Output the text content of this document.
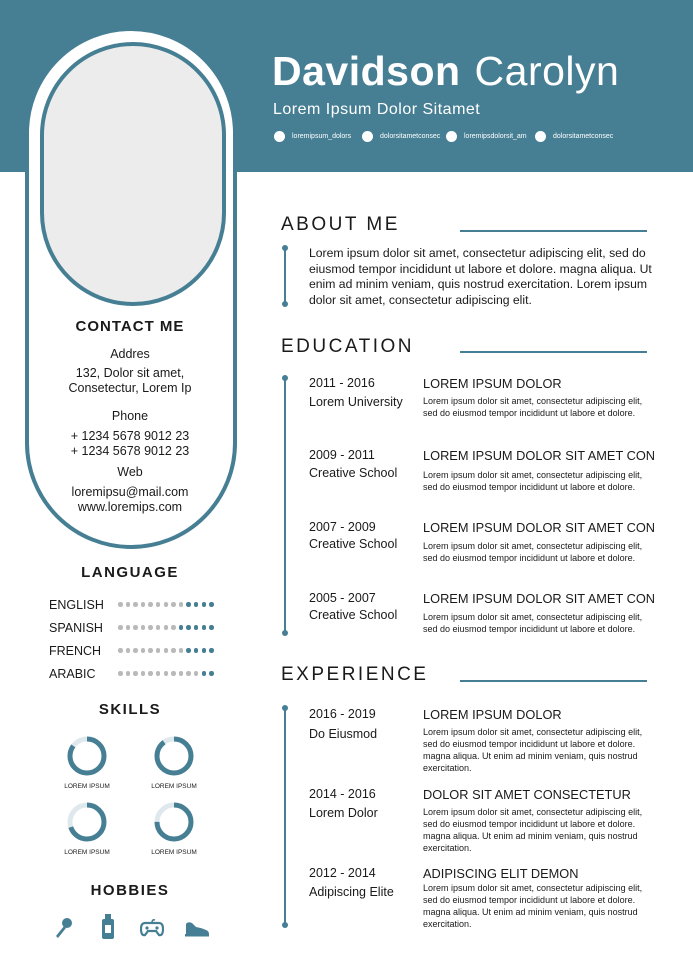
CONTACT ME
Addres
132, Dolor sit amet,
Consetectur, Lorem Ip
Phone
+ 1234 5678 9012 23
+ 1234 5678 9012 23
Web
loremipsu@mail.com
www.loremips.com
Davidson Carolyn
Lorem Ipsum Dolor Sitamet
loremipsum_dolors	dolorsitametconsec	loremipsdolorsit_am	dolorsitametconsec
ABOUT ME
Lorem ipsum dolor sit amet, consectetur adipiscing elit, sed do eiusmod tempor incididunt ut labore et dolore. magna aliqua. Ut enim ad minim veniam, quis nostrud exercitation. Lorem ipsum dolor sit amet, consectetur adipiscing elit.
EDUCATION
2011 - 2016
Lorem University
LOREM IPSUM DOLOR
Lorem ipsum dolor sit amet, consectetur adipiscing elit, sed do eiusmod tempor incididunt ut labore et dolore.
2009 - 2011
Creative School
LOREM IPSUM DOLOR SIT AMET CON
Lorem ipsum dolor sit amet, consectetur adipiscing elit, sed do eiusmod tempor incididunt ut labore et dolore.
2007 - 2009
Creative School
LOREM IPSUM DOLOR SIT AMET CON
Lorem ipsum dolor sit amet, consectetur adipiscing elit, sed do eiusmod tempor incididunt ut labore et dolore.
2005 - 2007
Creative School
LOREM IPSUM DOLOR SIT AMET CON
Lorem ipsum dolor sit amet, consectetur adipiscing elit, sed do eiusmod tempor incididunt ut labore et dolore.
EXPERIENCE
2016 - 2019
Do Eiusmod
LOREM IPSUM DOLOR
Lorem ipsum dolor sit amet, consectetur adipiscing elit, sed do eiusmod tempor incididunt ut labore et dolore. magna aliqua. Ut enim ad minim veniam, quis nostrud exercitation.
2014 - 2016
Lorem Dolor
DOLOR SIT AMET CONSECTETUR
Lorem ipsum dolor sit amet, consectetur adipiscing elit, sed do eiusmod tempor incididunt ut labore et dolore. magna aliqua. Ut enim ad minim veniam, quis nostrud exercitation.
2012 - 2014
Adipiscing Elite
ADIPISCING ELIT DEMON
Lorem ipsum dolor sit amet, consectetur adipiscing elit, sed do eiusmod tempor incididunt ut labore et dolore. magna aliqua. Ut enim ad minim veniam, quis nostrud exercitation.
LANGUAGE
ENGLISH
SPANISH
FRENCH
ARABIC
SKILLS
LOREM IPSUM	LOREM IPSUM
LOREM IPSUM	LOREM IPSUM
HOBBIES
